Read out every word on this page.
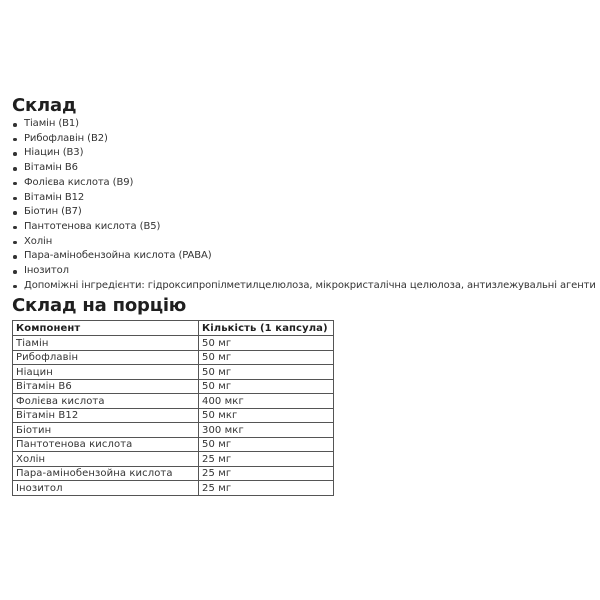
Склад
Тіамін (B1)
Рибофлавін (B2)
Ніацин (B3)
Вітамін B6
Фолієва кислота (B9)
Вітамін B12
Біотин (B7)
Пантотенова кислота (B5)
Холін
Пара-амінобензойна кислота (PABA)
Інозитол
Допоміжні інгредієнти: гідроксипропілметилцелюлоза, мікрокристалічна целюлоза, антизлежувальні агенти
Склад на порцію
Компонент	Кількість (1 капсула)
Тіамін	50 мг
Рибофлавін	50 мг
Ніацин	50 мг
Вітамін B6	50 мг
Фолієва кислота	400 мкг
Вітамін B12	50 мкг
Біотин	300 мкг
Пантотенова кислота	50 мг
Холін	25 мг
Пара-амінобензойна кислота	25 мг
Інозитол	25 мг
